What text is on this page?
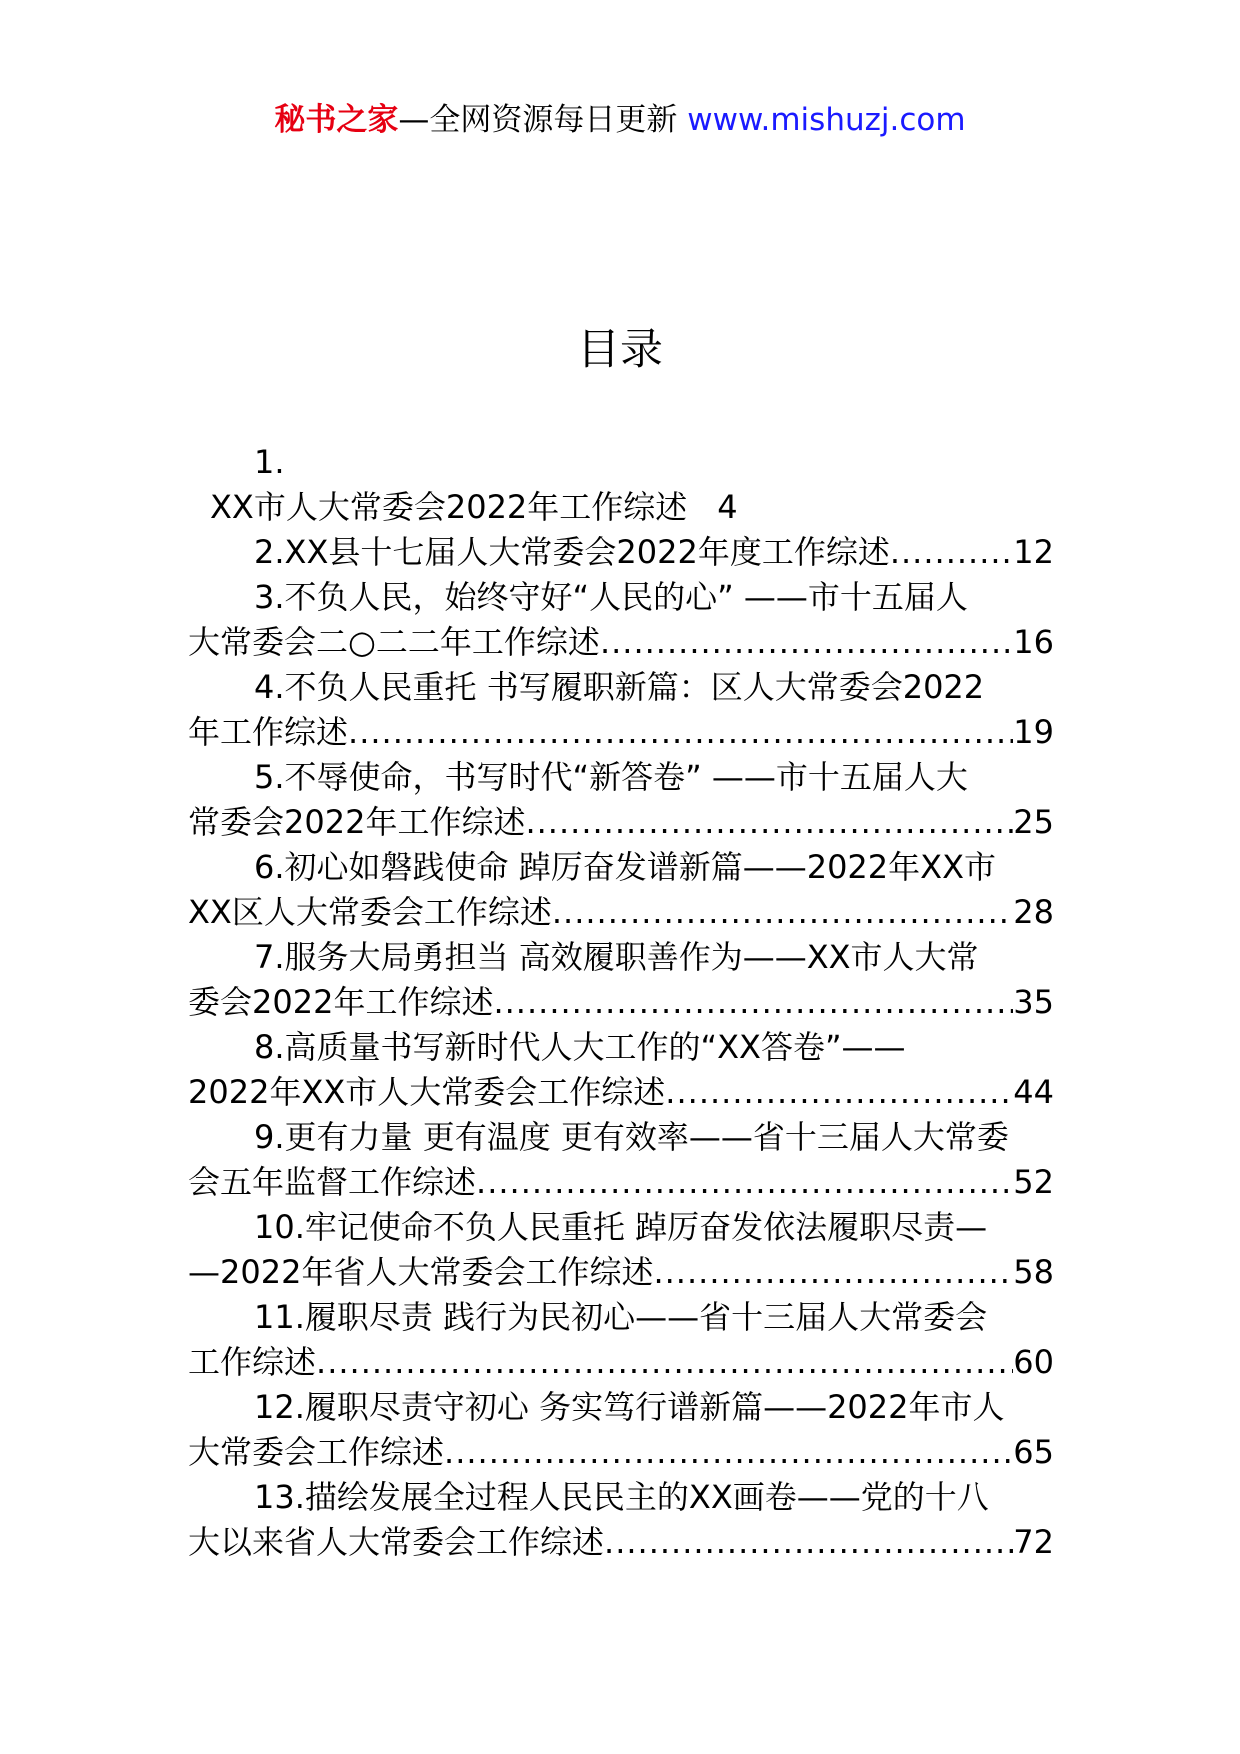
秘书之家—全网资源每日更新 www.mishuzj.com
目录
1.
XX市人大常委会2022年工作综述 4
2.XX县十七届人大常委会2022年度工作综述 .....	12
3.不负人民，始终守好“人民的心” ——市十五届人
大常委会二○二二年工作综述 .....	16
4.不负人民重托 书写履职新篇：区人大常委会2022
年工作综述 .....	19
5.不辱使命，书写时代“新答卷” ——市十五届人大
常委会2022年工作综述 .....	25
6.初心如磐践使命 踔厉奋发谱新篇——2022年XX市
XX区人大常委会工作综述 .....	28
7.服务大局勇担当 高效履职善作为——XX市人大常
委会2022年工作综述 .....	35
8.高质量书写新时代人大工作的“XX答卷”——
2022年XX市人大常委会工作综述 .....	44
9.更有力量 更有温度 更有效率——省十三届人大常委
会五年监督工作综述 .....	52
10.牢记使命不负人民重托 踔厉奋发依法履职尽责—
—2022年省人大常委会工作综述 .....	58
11.履职尽责 践行为民初心——省十三届人大常委会
工作综述 .....	60
12.履职尽责守初心 务实笃行谱新篇——2022年市人
大常委会工作综述 .....	65
13.描绘发展全过程人民民主的XX画卷——党的十八
大以来省人大常委会工作综述 .....	72
